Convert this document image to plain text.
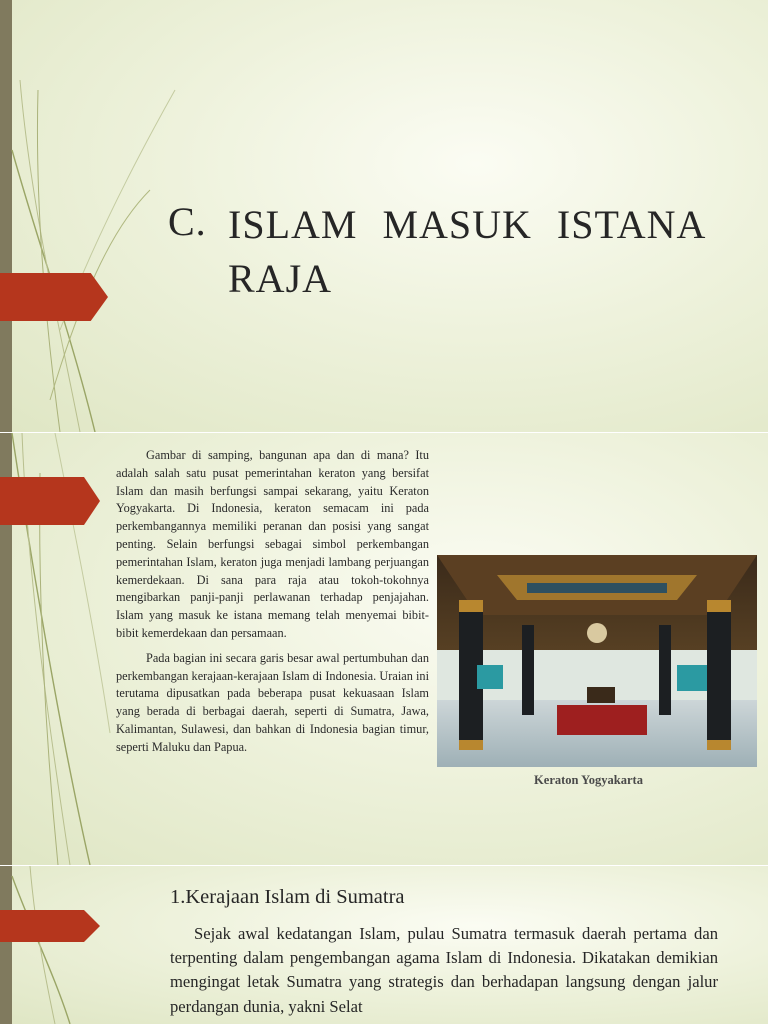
C. ISLAM MASUK ISTANA RAJA

Gambar di samping, bangunan apa dan di mana? Itu adalah salah satu pusat pemerintahan keraton yang bersifat Islam dan masih berfungsi sampai sekarang, yaitu Keraton Yogyakarta. Di Indonesia, keraton semacam ini pada perkembangannya memiliki peranan dan posisi yang sangat penting. Selain berfungsi sebagai simbol perkembangan pemerintahan Islam, keraton juga menjadi lambang perjuangan kemerdekaan. Di sana para raja atau tokoh-tokohnya mengibarkan panji-panji perlawanan terhadap penjajahan. Islam yang masuk ke istana memang telah menyemai bibit-bibit kemerdekaan dan persamaan.

Pada bagian ini secara garis besar awal pertumbuhan dan perkembangan kerajaan-kerajaan Islam di Indonesia. Uraian ini terutama dipusatkan pada beberapa pusat kekuasaan Islam yang berada di berbagai daerah, seperti di Sumatra, Jawa, Kalimantan, Sulawesi, dan bahkan di Indonesia bagian timur, seperti Maluku dan Papua.

Keraton Yogyakarta
1.Kerajaan Islam di Sumatra

Sejak awal kedatangan Islam, pulau Sumatra termasuk daerah pertama dan terpenting dalam pengembangan agama Islam di Indonesia. Dikatakan demikian mengingat letak Sumatra yang strategis dan berhadapan langsung dengan jalur perdangan dunia, yakni Selat
